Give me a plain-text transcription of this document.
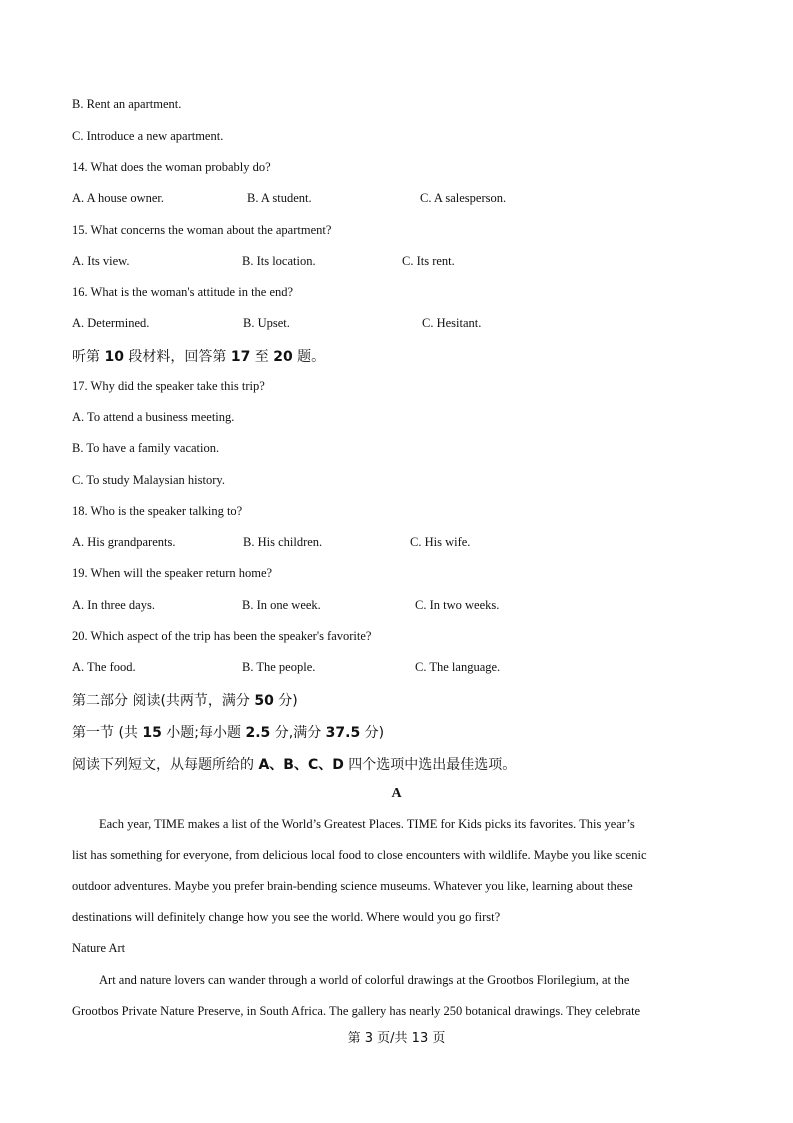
B. Rent an apartment.
C. Introduce a new apartment.
14. What does the woman probably do?
A. A house owner.	B. A student.	C. A salesperson.
15. What concerns the woman about the apartment?
A. Its view.	B. Its location.	C. Its rent.
16. What is the woman's attitude in the end?
A. Determined.	B. Upset.	C. Hesitant.
听第 10 段材料，回答第 17 至 20 题。
17. Why did the speaker take this trip?
A. To attend a business meeting.
B. To have a family vacation.
C. To study Malaysian history.
18. Who is the speaker talking to?
A. His grandparents.	B. His children.	C. His wife.
19. When will the speaker return home?
A. In three days.	B. In one week.	C. In two weeks.
20. Which aspect of the trip has been the speaker's favorite?
A. The food.	B. The people.	C. The language.
第二部分 阅读(共两节，满分 50 分)
第一节 (共 15 小题;每小题 2.5 分,满分 37.5 分)
阅读下列短文，从每题所给的 A、B、C、D 四个选项中选出最佳选项。
A
Each year, TIME makes a list of the World’s Greatest Places. TIME for Kids picks its favorites. This year’s
list has something for everyone, from delicious local food to close encounters with wildlife. Maybe you like scenic
outdoor adventures. Maybe you prefer brain-bending science museums. Whatever you like, learning about these
destinations will definitely change how you see the world. Where would you go first?
Nature Art
Art and nature lovers can wander through a world of colorful drawings at the Grootbos Florilegium, at the
Grootbos Private Nature Preserve, in South Africa. The gallery has nearly 250 botanical drawings. They celebrate
第 3 页/共 13 页
